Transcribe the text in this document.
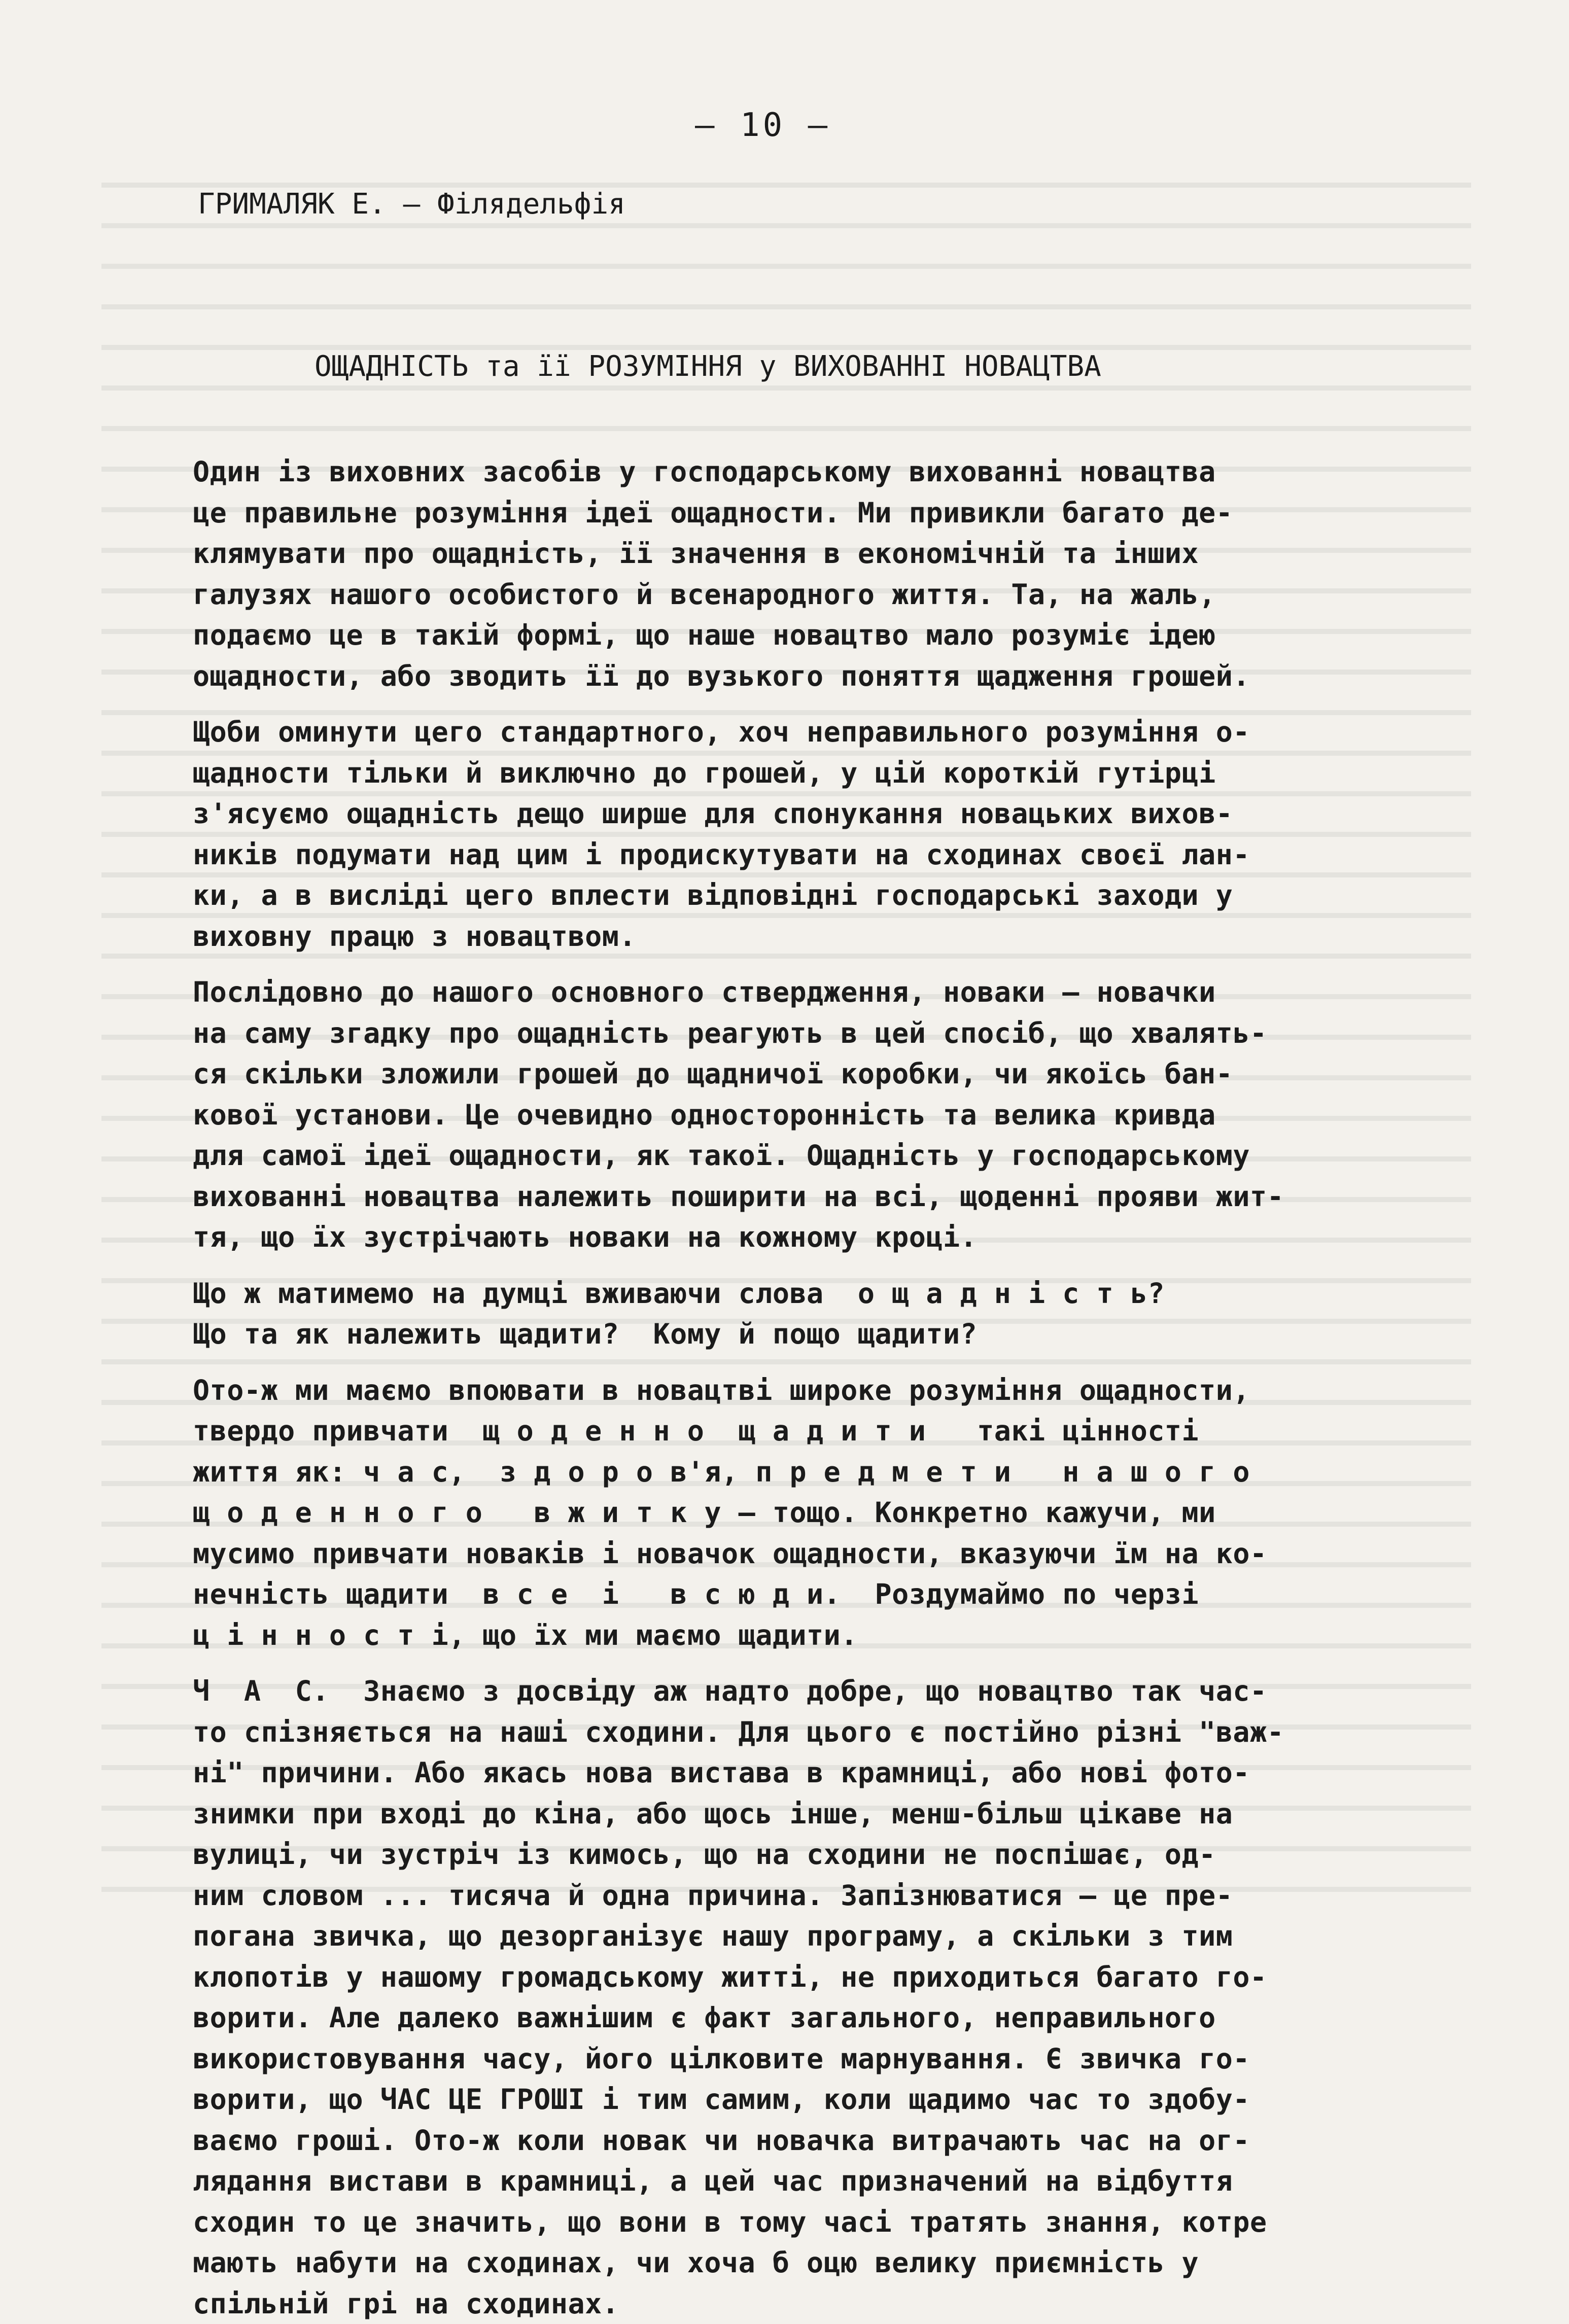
– 10 –
ГРИМАЛЯК Е. – Філядельфія
ОЩАДНІСТЬ та її РОЗУМІННЯ у ВИХОВАННІ НОВАЦТВА
Один із виховних засобів у господарському вихованні новацтва
це правильне розуміння ідеї ощадности. Ми привикли багато де-
клямувати про ощадність, її значення в економічній та інших
галузях нашого особистого й всенародного життя. Та, на жаль,
подаємо це в такій формі, що наше новацтво мало розуміє ідею
ощадности, або зводить її до вузького поняття щадження грошей.
Щоби оминути цего стандартного, хоч неправильного розуміння о-
щадности тільки й виключно до грошей, у цій короткій гутірці
з'ясуємо ощадність дещо ширше для спонукання новацьких вихов-
ників подумати над цим і продискутувати на сходинах своєї лан-
ки, а в висліді цего вплести відповідні господарські заходи у
виховну працю з новацтвом.
Послідовно до нашого основного ствердження, новаки – новачки
на саму згадку про ощадність реагують в цей спосіб, що хвалять-
ся скільки зложили грошей до щадничої коробки, чи якоїсь бан-
кової установи. Це очевидно односторонність та велика кривда
для самої ідеї ощадности, як такої. Ощадність у господарському
вихованні новацтва належить поширити на всі, щоденні прояви жит-
тя, що їх зустрічають новаки на кожному кроці.
Що ж матимемо на думці вживаючи слова  о щ а д н і с т ь?
Що та як належить щадити?  Кому й пощо щадити?
Ото-ж ми маємо впоювати в новацтві широке розуміння ощадности,
твердо привчати  щ о д е н н о  щ а д и т и   такі цінності
життя як: ч а с,  з д о р о в'я, п р е д м е т и   н а ш о г о
щ о д е н н о г о   в ж и т к у – тощо. Конкретно кажучи, ми
мусимо привчати новаків і новачок ощадности, вказуючи їм на ко-
нечність щадити  в с е  і   в с ю д и.  Роздумаймо по черзі
ц і н н о с т і, що їх ми маємо щадити.
Ч  А  С.  Знаємо з досвіду аж надто добре, що новацтво так час-
то спізняється на наші сходини. Для цього є постійно різні "важ-
ні" причини. Або якась нова вистава в крамниці, або нові фото-
знимки при вході до кіна, або щось інше, менш-більш цікаве на
вулиці, чи зустріч із кимось, що на сходини не поспішає, од-
ним словом ... тисяча й одна причина. Запізнюватися – це пре-
погана звичка, що дезорганізує нашу програму, а скільки з тим
клопотів у нашому громадському житті, не приходиться багато го-
ворити. Але далеко важнішим є факт загального, неправильного
використовування часу, його цілковите марнування. Є звичка го-
ворити, що ЧАС ЦЕ ГРОШІ і тим самим, коли щадимо час то здобу-
ваємо гроші. Ото-ж коли новак чи новачка витрачають час на ог-
лядання вистави в крамниці, а цей час призначений на відбуття
сходин то це значить, що вони в тому часі тратять знання, котре
мають набути на сходинах, чи хоча б оцю велику приємність у
спільній грі на сходинах.
